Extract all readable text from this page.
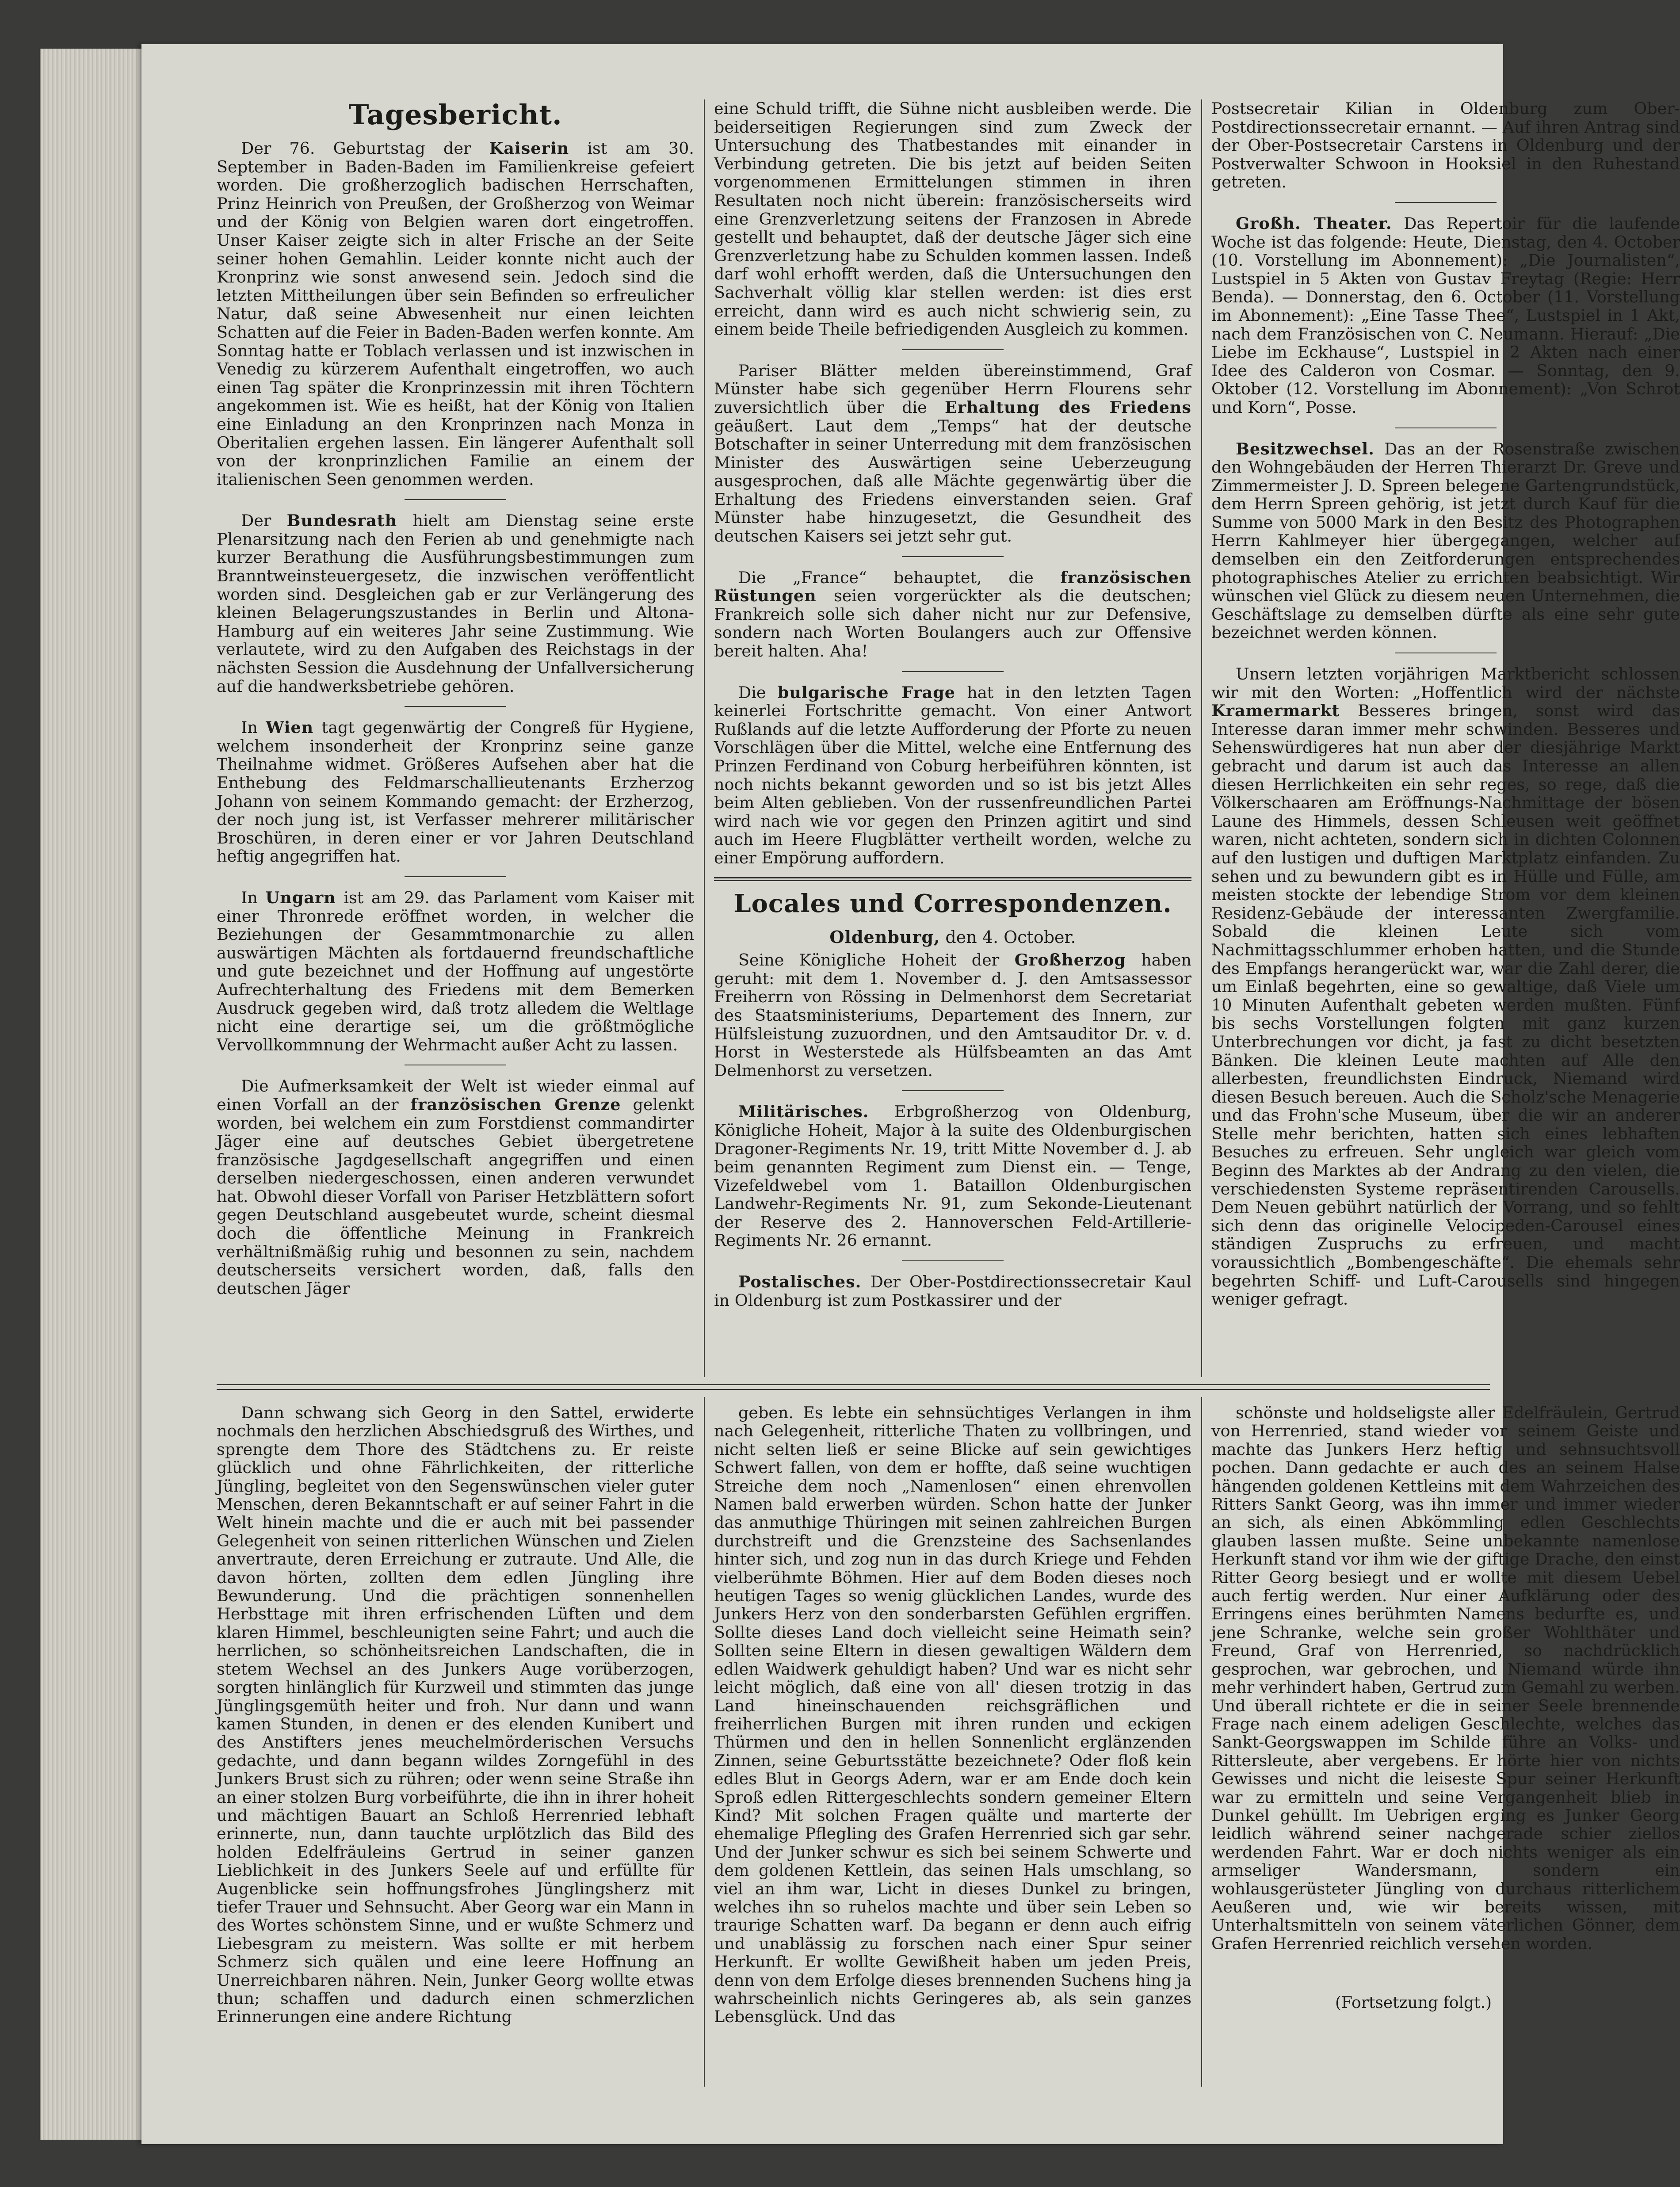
Tagesbericht.

Der 76. Geburtstag der Kaiserin ist am 30. September in Baden-Baden im Familienkreise gefeiert worden. Die großherzoglich badischen Herrschaften, Prinz Heinrich von Preußen, der Großherzog von Weimar und der König von Belgien waren dort eingetroffen. Unser Kaiser zeigte sich in alter Frische an der Seite seiner hohen Gemahlin. Leider konnte nicht auch der Kronprinz wie sonst anwesend sein. Jedoch sind die letzten Mittheilungen über sein Befinden so erfreulicher Natur, daß seine Abwesenheit nur einen leichten Schatten auf die Feier in Baden-Baden werfen konnte. Am Sonntag hatte er Toblach verlassen und ist inzwischen in Venedig zu kürzerem Aufenthalt eingetroffen, wo auch einen Tag später die Kronprinzessin mit ihren Töchtern angekommen ist. Wie es heißt, hat der König von Italien eine Einladung an den Kronprinzen nach Monza in Oberitalien ergehen lassen. Ein längerer Aufenthalt soll von der kronprinzlichen Familie an einem der italienischen Seen genommen werden.

Der Bundesrath hielt am Dienstag seine erste Plenarsitzung nach den Ferien ab und genehmigte nach kurzer Berathung die Ausführungsbestimmungen zum Branntweinsteuergesetz, die inzwischen veröffentlicht worden sind. Desgleichen gab er zur Verlängerung des kleinen Belagerungszustandes in Berlin und Altona-Hamburg auf ein weiteres Jahr seine Zustimmung. Wie verlautete, wird zu den Aufgaben des Reichstags in der nächsten Session die Ausdehnung der Unfallversicherung auf die handwerksbetriebe gehören.

In Wien tagt gegenwärtig der Congreß für Hygiene, welchem insonderheit der Kronprinz seine ganze Theilnahme widmet. Größeres Aufsehen aber hat die Enthebung des Feldmarschallieutenants Erzherzog Johann von seinem Kommando gemacht: der Erzherzog, der noch jung ist, ist Verfasser mehrerer militärischer Broschüren, in deren einer er vor Jahren Deutschland heftig angegriffen hat.

In Ungarn ist am 29. das Parlament vom Kaiser mit einer Thronrede eröffnet worden, in welcher die Beziehungen der Gesammtmonarchie zu allen auswärtigen Mächten als fortdauernd freundschaftliche und gute bezeichnet und der Hoffnung auf ungestörte Aufrechterhaltung des Friedens mit dem Bemerken Ausdruck gegeben wird, daß trotz alledem die Weltlage nicht eine derartige sei, um die größtmögliche Vervollkommnung der Wehrmacht außer Acht zu lassen.

Die Aufmerksamkeit der Welt ist wieder einmal auf einen Vorfall an der französischen Grenze gelenkt worden, bei welchem ein zum Forstdienst commandirter Jäger eine auf deutsches Gebiet übergetretene französische Jagdgesellschaft angegriffen und einen derselben niedergeschossen, einen anderen verwundet hat. Obwohl dieser Vorfall von Pariser Hetzblättern sofort gegen Deutschland ausgebeutet wurde, scheint diesmal doch die öffentliche Meinung in Frankreich verhältnißmäßig ruhig und besonnen zu sein, nachdem deutscherseits versichert worden, daß, falls den deutschen Jäger

eine Schuld trifft, die Sühne nicht ausbleiben werde. Die beiderseitigen Regierungen sind zum Zweck der Untersuchung des Thatbestandes mit einander in Verbindung getreten. Die bis jetzt auf beiden Seiten vorgenommenen Ermittelungen stimmen in ihren Resultaten noch nicht überein: französischerseits wird eine Grenzverletzung seitens der Franzosen in Abrede gestellt und behauptet, daß der deutsche Jäger sich eine Grenzverletzung habe zu Schulden kommen lassen. Indeß darf wohl erhofft werden, daß die Untersuchungen den Sachverhalt völlig klar stellen werden: ist dies erst erreicht, dann wird es auch nicht schwierig sein, zu einem beide Theile befriedigenden Ausgleich zu kommen.

Pariser Blätter melden übereinstimmend, Graf Münster habe sich gegenüber Herrn Flourens sehr zuversichtlich über die Erhaltung des Friedens geäußert. Laut dem „Temps“ hat der deutsche Botschafter in seiner Unterredung mit dem französischen Minister des Auswärtigen seine Ueberzeugung ausgesprochen, daß alle Mächte gegenwärtig über die Erhaltung des Friedens einverstanden seien. Graf Münster habe hinzugesetzt, die Gesundheit des deutschen Kaisers sei jetzt sehr gut.

Die „France“ behauptet, die französischen Rüstungen seien vorgerückter als die deutschen; Frankreich solle sich daher nicht nur zur Defensive, sondern nach Worten Boulangers auch zur Offensive bereit halten. Aha!

Die bulgarische Frage hat in den letzten Tagen keinerlei Fortschritte gemacht. Von einer Antwort Rußlands auf die letzte Aufforderung der Pforte zu neuen Vorschlägen über die Mittel, welche eine Entfernung des Prinzen Ferdinand von Coburg herbeiführen könnten, ist noch nichts bekannt geworden und so ist bis jetzt Alles beim Alten geblieben. Von der russenfreundlichen Partei wird nach wie vor gegen den Prinzen agitirt und sind auch im Heere Flugblätter vertheilt worden, welche zu einer Empörung auffordern.

Locales und Correspondenzen.
Oldenburg, den 4. October.

Seine Königliche Hoheit der Großherzog haben geruht: mit dem 1. November d. J. den Amtsassessor Freiherrn von Rössing in Delmenhorst dem Secretariat des Staatsministeriums, Departement des Innern, zur Hülfsleistung zuzuordnen, und den Amtsauditor Dr. v. d. Horst in Westerstede als Hülfsbeamten an das Amt Delmenhorst zu versetzen.

Militärisches. Erbgroßherzog von Oldenburg, Königliche Hoheit, Major à la suite des Oldenburgischen Dragoner-Regiments Nr. 19, tritt Mitte November d. J. ab beim genannten Regiment zum Dienst ein. — Tenge, Vizefeldwebel vom 1. Bataillon Oldenburgischen Landwehr-Regiments Nr. 91, zum Sekonde-Lieutenant der Reserve des 2. Hannoverschen Feld-Artillerie-Regiments Nr. 26 ernannt.

Postalisches. Der Ober-Postdirectionssecretair Kaul in Oldenburg ist zum Postkassirer und der

Postsecretair Kilian in Oldenburg zum Ober-Postdirectionssecretair ernannt. — Auf ihren Antrag sind der Ober-Postsecretair Carstens in Oldenburg und der Postverwalter Schwoon in Hooksiel in den Ruhestand getreten.

Großh. Theater. Das Repertoir für die laufende Woche ist das folgende: Heute, Dienstag, den 4. October (10. Vorstellung im Abonnement): „Die Journalisten“, Lustspiel in 5 Akten von Gustav Freytag (Regie: Herr Benda). — Donnerstag, den 6. October (11. Vorstellung im Abonnement): „Eine Tasse Thee“, Lustspiel in 1 Akt, nach dem Französischen von C. Neumann. Hierauf: „Die Liebe im Eckhause“, Lustspiel in 2 Akten nach einer Idee des Calderon von Cosmar. — Sonntag, den 9. Oktober (12. Vorstellung im Abonnement): „Von Schrot und Korn“, Posse.

Besitzwechsel. Das an der Rosenstraße zwischen den Wohngebäuden der Herren Thierarzt Dr. Greve und Zimmermeister J. D. Spreen belegene Gartengrundstück, dem Herrn Spreen gehörig, ist jetzt durch Kauf für die Summe von 5000 Mark in den Besitz des Photographen Herrn Kahlmeyer hier übergegangen, welcher auf demselben ein den Zeitforderungen entsprechendes photographisches Atelier zu errichten beabsichtigt. Wir wünschen viel Glück zu diesem neuen Unternehmen, die Geschäftslage zu demselben dürfte als eine sehr gute bezeichnet werden können.

Unsern letzten vorjährigen Marktbericht schlossen wir mit den Worten: „Hoffentlich wird der nächste Kramermarkt Besseres bringen, sonst wird das Interesse daran immer mehr schwinden. Besseres und Sehenswürdigeres hat nun aber der diesjährige Markt gebracht und darum ist auch das Interesse an allen diesen Herrlichkeiten ein sehr reges, so rege, daß die Völkerschaaren am Eröffnungs-Nachmittage der bösen Laune des Himmels, dessen Schleusen weit geöffnet waren, nicht achteten, sondern sich in dichten Colonnen auf den lustigen und duftigen Marktplatz einfanden. Zu sehen und zu bewundern gibt es in Hülle und Fülle, am meisten stockte der lebendige Strom vor dem kleinen Residenz-Gebäude der interessanten Zwergfamilie. Sobald die kleinen Leute sich vom Nachmittagsschlummer erhoben hatten, und die Stunde des Empfangs herangerückt war, war die Zahl derer, die um Einlaß begehrten, eine so gewaltige, daß Viele um 10 Minuten Aufenthalt gebeten werden mußten. Fünf bis sechs Vorstellungen folgten mit ganz kurzen Unterbrechungen vor dicht, ja fast zu dicht besetzten Bänken. Die kleinen Leute machten auf Alle den allerbesten, freundlichsten Eindruck, Niemand wird diesen Besuch bereuen. Auch die Scholz'sche Menagerie und das Frohn'sche Museum, über die wir an anderer Stelle mehr berichten, hatten sich eines lebhaften Besuches zu erfreuen. Sehr ungleich war gleich vom Beginn des Marktes ab der Andrang zu den vielen, die verschiedensten Systeme repräsentirenden Carousells. Dem Neuen gebührt natürlich der Vorrang, und so fehlt sich denn das originelle Velocipeden-Carousel eines ständigen Zuspruchs zu erfreuen, und macht voraussichtlich „Bombengeschäfte“. Die ehemals sehr begehrten Schiff- und Luft-Carousells sind hingegen weniger gefragt.

Dann schwang sich Georg in den Sattel, erwiderte nochmals den herzlichen Abschiedsgruß des Wirthes, und sprengte dem Thore des Städtchens zu. Er reiste glücklich und ohne Fährlichkeiten, der ritterliche Jüngling, begleitet von den Segenswünschen vieler guter Menschen, deren Bekanntschaft er auf seiner Fahrt in die Welt hinein machte und die er auch mit bei passender Gelegenheit von seinen ritterlichen Wünschen und Zielen anvertraute, deren Erreichung er zutraute. Und Alle, die davon hörten, zollten dem edlen Jüngling ihre Bewunderung. Und die prächtigen sonnenhellen Herbsttage mit ihren erfrischenden Lüften und dem klaren Himmel, beschleunigten seine Fahrt; und auch die herrlichen, so schönheitsreichen Landschaften, die in stetem Wechsel an des Junkers Auge vorüberzogen, sorgten hinlänglich für Kurzweil und stimmten das junge Jünglingsgemüth heiter und froh. Nur dann und wann kamen Stunden, in denen er des elenden Kunibert und des Anstifters jenes meuchelmörderischen Versuchs gedachte, und dann begann wildes Zorngefühl in des Junkers Brust sich zu rühren; oder wenn seine Straße ihn an einer stolzen Burg vorbeiführte, die ihn in ihrer hoheit und mächtigen Bauart an Schloß Herrenried lebhaft erinnerte, nun, dann tauchte urplötzlich das Bild des holden Edelfräuleins Gertrud in seiner ganzen Lieblichkeit in des Junkers Seele auf und erfüllte für Augenblicke sein hoffnungsfrohes Jünglingsherz mit tiefer Trauer und Sehnsucht. Aber Georg war ein Mann in des Wortes schönstem Sinne, und er wußte Schmerz und Liebesgram zu meistern. Was sollte er mit herbem Schmerz sich quälen und eine leere Hoffnung an Unerreichbaren nähren. Nein, Junker Georg wollte etwas thun; schaffen und dadurch einen schmerzlichen Erinnerungen eine andere Richtung

geben. Es lebte ein sehnsüchtiges Verlangen in ihm nach Gelegenheit, ritterliche Thaten zu vollbringen, und nicht selten ließ er seine Blicke auf sein gewichtiges Schwert fallen, von dem er hoffte, daß seine wuchtigen Streiche dem noch „Namenlosen“ einen ehrenvollen Namen bald erwerben würden. Schon hatte der Junker das anmuthige Thüringen mit seinen zahlreichen Burgen durchstreift und die Grenzsteine des Sachsenlandes hinter sich, und zog nun in das durch Kriege und Fehden vielberühmte Böhmen. Hier auf dem Boden dieses noch heutigen Tages so wenig glücklichen Landes, wurde des Junkers Herz von den sonderbarsten Gefühlen ergriffen. Sollte dieses Land doch vielleicht seine Heimath sein? Sollten seine Eltern in diesen gewaltigen Wäldern dem edlen Waidwerk gehuldigt haben? Und war es nicht sehr leicht möglich, daß eine von all' diesen trotzig in das Land hineinschauenden reichsgräflichen und freiherrlichen Burgen mit ihren runden und eckigen Thürmen und den in hellen Sonnenlicht erglänzenden Zinnen, seine Geburtsstätte bezeichnete? Oder floß kein edles Blut in Georgs Adern, war er am Ende doch kein Sproß edlen Rittergeschlechts sondern gemeiner Eltern Kind? Mit solchen Fragen quälte und marterte der ehemalige Pflegling des Grafen Herrenried sich gar sehr. Und der Junker schwur es sich bei seinem Schwerte und dem goldenen Kettlein, das seinen Hals umschlang, so viel an ihm war, Licht in dieses Dunkel zu bringen, welches ihn so ruhelos machte und über sein Leben so traurige Schatten warf. Da begann er denn auch eifrig und unablässig zu forschen nach einer Spur seiner Herkunft. Er wollte Gewißheit haben um jeden Preis, denn von dem Erfolge dieses brennenden Suchens hing ja wahrscheinlich nichts Geringeres ab, als sein ganzes Lebensglück. Und das

schönste und holdseligste aller Edelfräulein, Gertrud von Herrenried, stand wieder vor seinem Geiste und machte das Junkers Herz heftig und sehnsuchtsvoll pochen. Dann gedachte er auch des an seinem Halse hängenden goldenen Kettleins mit dem Wahrzeichen des Ritters Sankt Georg, was ihn immer und immer wieder an sich, als einen Abkömmling edlen Geschlechts glauben lassen mußte. Seine unbekannte namenlose Herkunft stand vor ihm wie der giftige Drache, den einst Ritter Georg besiegt und er wollte mit diesem Uebel auch fertig werden. Nur einer Aufklärung oder des Erringens eines berühmten Namens bedurfte es, und jene Schranke, welche sein großer Wohlthäter und Freund, Graf von Herrenried, so nachdrücklich gesprochen, war gebrochen, und Niemand würde ihn mehr verhindert haben, Gertrud zum Gemahl zu werben. Und überall richtete er die in seiner Seele brennende Frage nach einem adeligen Geschlechte, welches das Sankt-Georgswappen im Schilde führe an Volks- und Rittersleute, aber vergebens. Er hörte hier von nichts Gewisses und nicht die leiseste Spur seiner Herkunft war zu ermitteln und seine Vergangenheit blieb in Dunkel gehüllt. Im Uebrigen erging es Junker Georg leidlich während seiner nachgerade schier ziellos werdenden Fahrt. War er doch nichts weniger als ein armseliger Wandersmann, sondern ein wohlausgerüsteter Jüngling von durchaus ritterlichem Aeußeren und, wie wir bereits wissen, mit Unterhaltsmitteln von seinem väterlichen Gönner, dem Grafen Herrenried reichlich versehen worden.

(Fortsetzung folgt.)
